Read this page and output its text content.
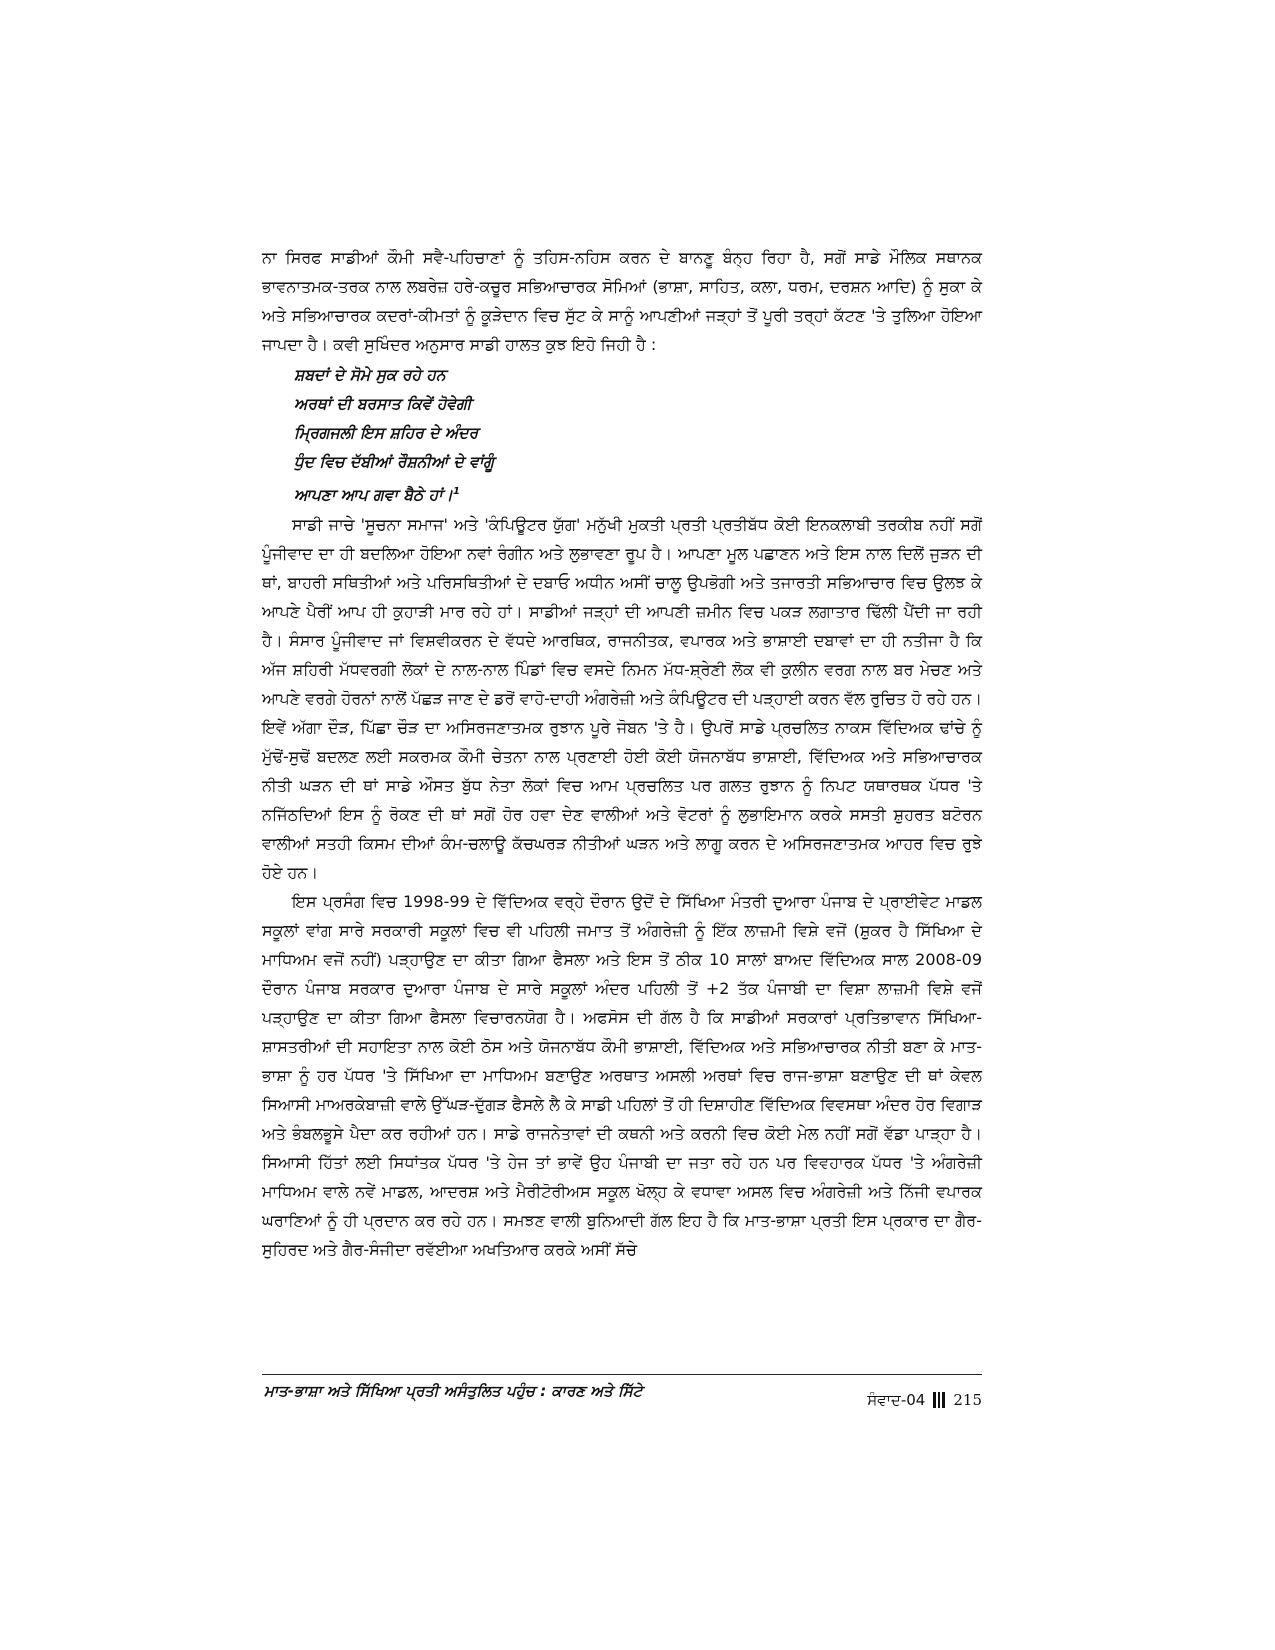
ਨਾ ਸਿਰਫ ਸਾਡੀਆਂ ਕੌਮੀ ਸਵੈ-ਪਹਿਚਾਣਾਂ ਨੂੰ ਤਹਿਸ-ਨਹਿਸ ਕਰਨ ਦੇ ਬਾਨਣੂ ਬੰਨ੍ਹ ਰਿਹਾ ਹੈ, ਸਗੋਂ ਸਾਡੇ ਮੌਲਿਕ ਸਥਾਨਕ ਭਾਵਨਾਤਮਕ-ਤਰਕ ਨਾਲ ਲਬਰੇਜ਼ ਹਰੇ-ਕਚੂਰ ਸਭਿਆਚਾਰਕ ਸੋਮਿਆਂ (ਭਾਸ਼ਾ, ਸਾਹਿਤ, ਕਲਾ, ਧਰਮ, ਦਰਸ਼ਨ ਆਦਿ) ਨੂੰ ਸੁਕਾ ਕੇ ਅਤੇ ਸਭਿਆਚਾਰਕ ਕਦਰਾਂ-ਕੀਮਤਾਂ ਨੂੰ ਕੂੜੇਦਾਨ ਵਿਚ ਸੁੱਟ ਕੇ ਸਾਨੂੰ ਆਪਣੀਆਂ ਜੜ੍ਹਾਂ ਤੋਂ ਪੂਰੀ ਤਰ੍ਹਾਂ ਕੱਟਣ 'ਤੇ ਤੁਲਿਆ ਹੋਇਆ ਜਾਪਦਾ ਹੈ। ਕਵੀ ਸੁਖਿੰਦਰ ਅਨੁਸਾਰ ਸਾਡੀ ਹਾਲਤ ਕੁਝ ਇਹੋ ਜਿਹੀ ਹੈ :

ਸ਼ਬਦਾਂ ਦੇ ਸੋਮੇ ਸੁਕ ਰਹੇ ਹਨ
ਅਰਥਾਂ ਦੀ ਬਰਸਾਤ ਕਿਵੇਂ ਹੋਵੇਗੀ
ਮ੍ਰਿਗਜਲੀ ਇਸ ਸ਼ਹਿਰ ਦੇ ਅੰਦਰ
ਧੁੰਦ ਵਿਚ ਦੱਬੀਆਂ ਰੌਸ਼ਨੀਆਂ ਦੇ ਵਾਂਗੂੰ
ਆਪਣਾ ਆਪ ਗਵਾ ਬੈਠੇ ਹਾਂ।$^1$

ਸਾਡੀ ਜਾਚੇ 'ਸੂਚਨਾ ਸਮਾਜ' ਅਤੇ 'ਕੰਪਿਊਟਰ ਯੁੱਗ' ਮਨੁੱਖੀ ਮੁਕਤੀ ਪ੍ਰਤੀ ਪ੍ਰਤੀਬੱਧ ਕੋਈ ਇਨਕਲਾਬੀ ਤਰਕੀਬ ਨਹੀਂ ਸਗੋਂ ਪੂੰਜੀਵਾਦ ਦਾ ਹੀ ਬਦਲਿਆ ਹੋਇਆ ਨਵਾਂ ਰੰਗੀਨ ਅਤੇ ਲੁਭਾਵਣਾ ਰੂਪ ਹੈ। ਆਪਣਾ ਮੂਲ ਪਛਾਣਨ ਅਤੇ ਇਸ ਨਾਲ ਦਿਲੋਂ ਜੁੜਨ ਦੀ ਥਾਂ, ਬਾਹਰੀ ਸਥਿਤੀਆਂ ਅਤੇ ਪਰਿਸਥਿਤੀਆਂ ਦੇ ਦਬਾਓ ਅਧੀਨ ਅਸੀਂ ਚਾਲੂ ਉਪਭੋਗੀ ਅਤੇ ਤਜਾਰਤੀ ਸਭਿਆਚਾਰ ਵਿਚ ਉਲਝ ਕੇ ਆਪਣੇ ਪੈਰੀਂ ਆਪ ਹੀ ਕੁਹਾੜੀ ਮਾਰ ਰਹੇ ਹਾਂ। ਸਾਡੀਆਂ ਜੜ੍ਹਾਂ ਦੀ ਆਪਣੀ ਜ਼ਮੀਨ ਵਿਚ ਪਕੜ ਲਗਾਤਾਰ ਢਿੱਲੀ ਪੈਂਦੀ ਜਾ ਰਹੀ ਹੈ। ਸੰਸਾਰ ਪੂੰਜੀਵਾਦ ਜਾਂ ਵਿਸ਼ਵੀਕਰਨ ਦੇ ਵੱਧਦੇ ਆਰਥਿਕ, ਰਾਜਨੀਤਕ, ਵਪਾਰਕ ਅਤੇ ਭਾਸ਼ਾਈ ਦਬਾਵਾਂ ਦਾ ਹੀ ਨਤੀਜਾ ਹੈ ਕਿ ਅੱਜ ਸ਼ਹਿਰੀ ਮੱਧਵਰਗੀ ਲੋਕਾਂ ਦੇ ਨਾਲ-ਨਾਲ ਪਿੰਡਾਂ ਵਿਚ ਵਸਦੇ ਨਿਮਨ ਮੱਧ-ਸ਼੍ਰੇਣੀ ਲੋਕ ਵੀ ਕੁਲੀਨ ਵਰਗ ਨਾਲ ਬਰ ਮੇਚਣ ਅਤੇ ਆਪਣੇ ਵਰਗੇ ਹੋਰਨਾਂ ਨਾਲੋਂ ਪੱਛੜ ਜਾਣ ਦੇ ਡਰੋਂ ਵਾਹੋ-ਦਾਹੀ ਅੰਗਰੇਜ਼ੀ ਅਤੇ ਕੰਪਿਊਟਰ ਦੀ ਪੜ੍ਹਾਈ ਕਰਨ ਵੱਲ ਰੁਚਿਤ ਹੋ ਰਹੇ ਹਨ। ਇਵੇਂ ਅੱਗਾ ਦੌੜ, ਪਿੱਛਾ ਚੌੜ ਦਾ ਅਸਿਰਜਣਾਤਮਕ ਰੁਝਾਨ ਪੂਰੇ ਜੋਬਨ 'ਤੇ ਹੈ। ਉਪਰੋਂ ਸਾਡੇ ਪ੍ਰਚਲਿਤ ਨਾਕਸ ਵਿੱਦਿਅਕ ਢਾਂਚੇ ਨੂੰ ਮੁੱਢੋਂ-ਸੁਢੋਂ ਬਦਲਣ ਲਈ ਸਕਰਮਕ ਕੌਮੀ ਚੇਤਨਾ ਨਾਲ ਪ੍ਰਣਾਈ ਹੋਈ ਕੋਈ ਯੋਜਨਾਬੱਧ ਭਾਸ਼ਾਈ, ਵਿੱਦਿਅਕ ਅਤੇ ਸਭਿਆਚਾਰਕ ਨੀਤੀ ਘੜਨ ਦੀ ਥਾਂ ਸਾਡੇ ਔਸਤ ਬੁੱਧ ਨੇਤਾ ਲੋਕਾਂ ਵਿਚ ਆਮ ਪ੍ਰਚਲਿਤ ਪਰ ਗਲਤ ਰੁਝਾਨ ਨੂੰ ਨਿਪਟ ਯਥਾਰਥਕ ਪੱਧਰ 'ਤੇ ਨਜਿੱਠਦਿਆਂ ਇਸ ਨੂੰ ਰੋਕਣ ਦੀ ਥਾਂ ਸਗੋਂ ਹੋਰ ਹਵਾ ਦੇਣ ਵਾਲੀਆਂ ਅਤੇ ਵੋਟਰਾਂ ਨੂੰ ਲੁਭਾਇਮਾਨ ਕਰਕੇ ਸਸਤੀ ਸ਼ੁਹਰਤ ਬਟੋਰਨ ਵਾਲੀਆਂ ਸਤਹੀ ਕਿਸਮ ਦੀਆਂ ਕੰਮ-ਚਲਾਊ ਕੱਚਘਰੜ ਨੀਤੀਆਂ ਘੜਨ ਅਤੇ ਲਾਗੂ ਕਰਨ ਦੇ ਅਸਿਰਜਣਾਤਮਕ ਆਹਰ ਵਿਚ ਰੁਝੇ ਹੋਏ ਹਨ।

ਇਸ ਪ੍ਰਸੰਗ ਵਿਚ 1998-99 ਦੇ ਵਿੱਦਿਅਕ ਵਰ੍ਹੇ ਦੌਰਾਨ ਉਦੋਂ ਦੇ ਸਿੱਖਿਆ ਮੰਤਰੀ ਦੁਆਰਾ ਪੰਜਾਬ ਦੇ ਪ੍ਰਾਈਵੇਟ ਮਾਡਲ ਸਕੂਲਾਂ ਵਾਂਗ ਸਾਰੇ ਸਰਕਾਰੀ ਸਕੂਲਾਂ ਵਿਚ ਵੀ ਪਹਿਲੀ ਜਮਾਤ ਤੋਂ ਅੰਗਰੇਜ਼ੀ ਨੂੰ ਇੱਕ ਲਾਜ਼ਮੀ ਵਿਸ਼ੇ ਵਜੋਂ (ਸ਼ੁਕਰ ਹੈ ਸਿੱਖਿਆ ਦੇ ਮਾਧਿਅਮ ਵਜੋਂ ਨਹੀਂ) ਪੜ੍ਹਾਉਣ ਦਾ ਕੀਤਾ ਗਿਆ ਫੈਸਲਾ ਅਤੇ ਇਸ ਤੋਂ ਠੀਕ 10 ਸਾਲਾਂ ਬਾਅਦ ਵਿੱਦਿਅਕ ਸਾਲ 2008-09 ਦੌਰਾਨ ਪੰਜਾਬ ਸਰਕਾਰ ਦੁਆਰਾ ਪੰਜਾਬ ਦੇ ਸਾਰੇ ਸਕੂਲਾਂ ਅੰਦਰ ਪਹਿਲੀ ਤੋਂ +2 ਤੱਕ ਪੰਜਾਬੀ ਦਾ ਵਿਸ਼ਾ ਲਾਜ਼ਮੀ ਵਿਸ਼ੇ ਵਜੋਂ ਪੜ੍ਹਾਉਣ ਦਾ ਕੀਤਾ ਗਿਆ ਫੈਸਲਾ ਵਿਚਾਰਨਯੋਗ ਹੈ। ਅਫਸੋਸ ਦੀ ਗੱਲ ਹੈ ਕਿ ਸਾਡੀਆਂ ਸਰਕਾਰਾਂ ਪ੍ਰਤਿਭਾਵਾਨ ਸਿੱਖਿਆ-ਸ਼ਾਸਤਰੀਆਂ ਦੀ ਸਹਾਇਤਾ ਨਾਲ ਕੋਈ ਠੋਸ ਅਤੇ ਯੋਜਨਾਬੱਧ ਕੌਮੀ ਭਾਸ਼ਾਈ, ਵਿੱਦਿਅਕ ਅਤੇ ਸਭਿਆਚਾਰਕ ਨੀਤੀ ਬਣਾ ਕੇ ਮਾਤ-ਭਾਸ਼ਾ ਨੂੰ ਹਰ ਪੱਧਰ 'ਤੇ ਸਿੱਖਿਆ ਦਾ ਮਾਧਿਅਮ ਬਣਾਉਣ ਅਰਥਾਤ ਅਸਲੀ ਅਰਥਾਂ ਵਿਚ ਰਾਜ-ਭਾਸ਼ਾ ਬਣਾਉਣ ਦੀ ਥਾਂ ਕੇਵਲ ਸਿਆਸੀ ਮਾਅਰਕੇਬਾਜ਼ੀ ਵਾਲੇ ਉੱਘੜ-ਦੁੱਗੜ ਫੈਸਲੇ ਲੈ ਕੇ ਸਾਡੀ ਪਹਿਲਾਂ ਤੋਂ ਹੀ ਦਿਸ਼ਾਹੀਣ ਵਿੱਦਿਅਕ ਵਿਵਸਥਾ ਅੰਦਰ ਹੋਰ ਵਿਗਾੜ ਅਤੇ ਭੰਬਲਭੂਸੇ ਪੈਦਾ ਕਰ ਰਹੀਆਂ ਹਨ। ਸਾਡੇ ਰਾਜਨੇਤਾਵਾਂ ਦੀ ਕਥਨੀ ਅਤੇ ਕਰਨੀ ਵਿਚ ਕੋਈ ਮੇਲ ਨਹੀਂ ਸਗੋਂ ਵੱਡਾ ਪਾੜ੍ਹਾ ਹੈ। ਸਿਆਸੀ ਹਿੱਤਾਂ ਲਈ ਸਿਧਾਂਤਕ ਪੱਧਰ 'ਤੇ ਹੇਜ ਤਾਂ ਭਾਵੇਂ ਉਹ ਪੰਜਾਬੀ ਦਾ ਜਤਾ ਰਹੇ ਹਨ ਪਰ ਵਿਵਹਾਰਕ ਪੱਧਰ 'ਤੇ ਅੰਗਰੇਜ਼ੀ ਮਾਧਿਅਮ ਵਾਲੇ ਨਵੇਂ ਮਾਡਲ, ਆਦਰਸ਼ ਅਤੇ ਮੈਰੀਟੋਰੀਅਸ ਸਕੂਲ ਖੋਲ੍ਹ ਕੇ ਵਧਾਵਾ ਅਸਲ ਵਿਚ ਅੰਗਰੇਜ਼ੀ ਅਤੇ ਨਿੱਜੀ ਵਪਾਰਕ ਘਰਾਣਿਆਂ ਨੂੰ ਹੀ ਪ੍ਰਦਾਨ ਕਰ ਰਹੇ ਹਨ। ਸਮਝਣ ਵਾਲੀ ਬੁਨਿਆਦੀ ਗੱਲ ਇਹ ਹੈ ਕਿ ਮਾਤ-ਭਾਸ਼ਾ ਪ੍ਰਤੀ ਇਸ ਪ੍ਰਕਾਰ ਦਾ ਗੈਰ-ਸੁਹਿਰਦ ਅਤੇ ਗੈਰ-ਸੰਜੀਦਾ ਰਵੱਈਆ ਅਖਤਿਆਰ ਕਰਕੇ ਅਸੀਂ ਸੱਚੇ

ਮਾਤ-ਭਾਸ਼ਾ ਅਤੇ ਸਿੱਖਿਆ ਪ੍ਰਤੀ ਅਸੰਤੁਲਿਤ ਪਹੁੰਚ : ਕਾਰਣ ਅਤੇ ਸਿੱਟੇ	ਸੰਵਾਦ-04 215
